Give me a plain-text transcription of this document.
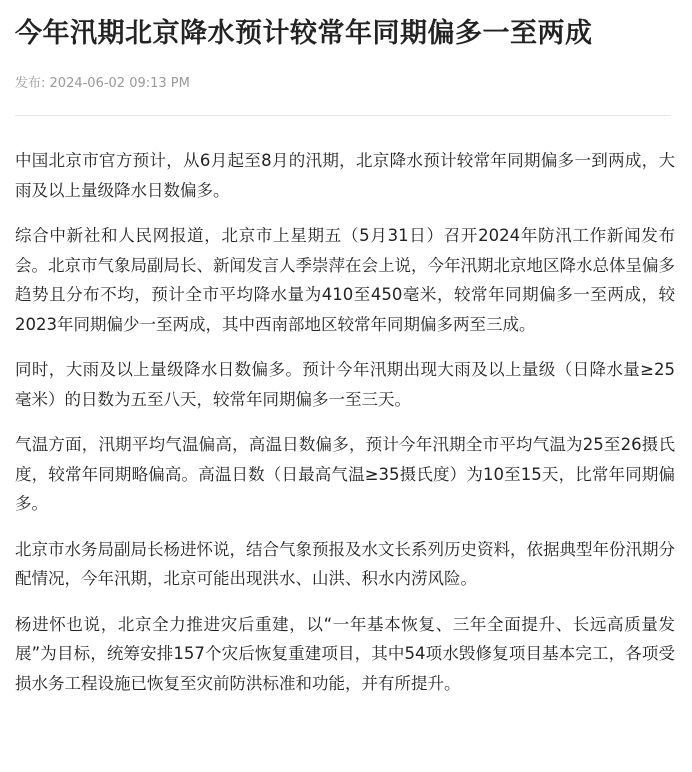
今年汛期北京降水预计较常年同期偏多一至两成
发布: 2024-06-02 09:13 PM

中国北京市官方预计，从6月起至8月的汛期，北京降水预计较常年同期偏多一到两成，大雨及以上量级降水日数偏多。

综合中新社和人民网报道，北京市上星期五（5月31日）召开2024年防汛工作新闻发布会。北京市气象局副局长、新闻发言人季崇萍在会上说，今年汛期北京地区降水总体呈偏多趋势且分布不均，预计全市平均降水量为410至450毫米，较常年同期偏多一至两成，较2023年同期偏少一至两成，其中西南部地区较常年同期偏多两至三成。

同时，大雨及以上量级降水日数偏多。预计今年汛期出现大雨及以上量级（日降水量≥25毫米）的日数为五至八天，较常年同期偏多一至三天。

气温方面，汛期平均气温偏高，高温日数偏多，预计今年汛期全市平均气温为25至26摄氏度，较常年同期略偏高。高温日数（日最高气温≥35摄氏度）为10至15天，比常年同期偏多。

北京市水务局副局长杨进怀说，结合气象预报及水文长系列历史资料，依据典型年份汛期分配情况，今年汛期，北京可能出现洪水、山洪、积水内涝风险。

杨进怀也说，北京全力推进灾后重建，以“一年基本恢复、三年全面提升、长远高质量发展”为目标，统筹安排157个灾后恢复重建项目，其中54项水毁修复项目基本完工，各项受损水务工程设施已恢复至灾前防洪标准和功能，并有所提升。
